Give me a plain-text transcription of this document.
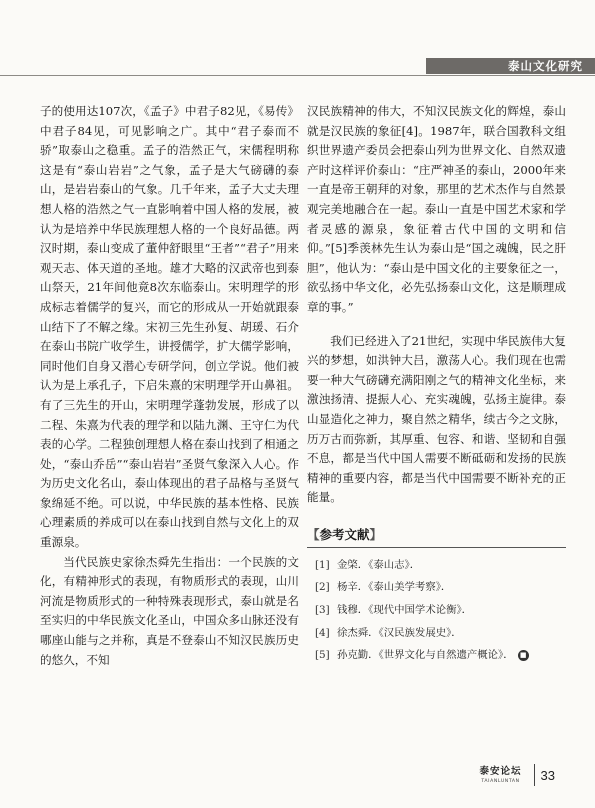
泰山文化研究

子的使用达107次，《孟子》中君子82见，《易传》中君子84见，可见影响之广。其中“君子泰而不骄”取泰山之稳重。孟子的浩然正气，宋儒程明称这是有“泰山岩岩”之气象，孟子是大气磅礴的泰山，是岩岩泰山的气象。几千年来，孟子大丈夫理想人格的浩然之气一直影响着中国人格的发展，被认为是培养中华民族理想人格的一个良好品德。两汉时期，泰山变成了董仲舒眼里“王者”“君子”用来观天志、体天道的圣地。雄才大略的汉武帝也到泰山祭天，21年间他竟8次东临泰山。宋明理学的形成标志着儒学的复兴，而它的形成从一开始就跟泰山结下了不解之缘。宋初三先生孙复、胡瑗、石介在泰山书院广收学生，讲授儒学，扩大儒学影响，同时他们自身又潜心专研学问，创立学说。他们被认为是上承孔子，下启朱熹的宋明理学开山鼻祖。有了三先生的开山，宋明理学蓬勃发展，形成了以二程、朱熹为代表的理学和以陆九渊、王守仁为代表的心学。二程独创理想人格在泰山找到了相通之处，“泰山乔岳”“泰山岩岩”圣贤气象深入人心。作为历史文化名山，泰山体现出的君子品格与圣贤气象绵延不绝。可以说，中华民族的基本性格、民族心理素质的养成可以在泰山找到自然与文化上的双重源泉。

当代民族史家徐杰舜先生指出：一个民族的文化，有精神形式的表现，有物质形式的表现，山川河流是物质形式的一种特殊表现形式，泰山就是名至实归的中华民族文化圣山，中国众多山脉还没有哪座山能与之并称，真是不登泰山不知汉民族历史的悠久，不知

汉民族精神的伟大，不知汉民族文化的辉煌，泰山就是汉民族的象征[4]。1987年，联合国教科文组织世界遗产委员会把泰山列为世界文化、自然双遗产时这样评价泰山：“庄严神圣的泰山，2000年来一直是帝王朝拜的对象，那里的艺术杰作与自然景观完美地融合在一起。泰山一直是中国艺术家和学者灵感的源泉，象征着古代中国的文明和信仰。”[5]季羡林先生认为泰山是“国之魂魄，民之肝胆”，他认为：“泰山是中国文化的主要象征之一，欲弘扬中华文化，必先弘扬泰山文化，这是顺理成章的事。”

我们已经进入了21世纪，实现中华民族伟大复兴的梦想，如洪钟大吕，激荡人心。我们现在也需要一种大气磅礴充满阳刚之气的精神文化坐标，来激浊扬清、提振人心、充实魂魄，弘扬主旋律。泰山显造化之神力，聚自然之精华，续古今之文脉，历万古而弥新，其厚重、包容、和谐、坚韧和自强不息，都是当代中国人需要不断砥砺和发扬的民族精神的重要内容，都是当代中国需要不断补充的正能量。

【参考文献】
[1] 金棨．《泰山志》．
[2] 杨辛．《泰山美学考察》．
[3] 钱穆．《现代中国学术论衡》．
[4] 徐杰舜．《汉民族发展史》．
[5] 孙克勤．《世界文化与自然遗产概论》． ■
泰安论坛
TAIANLUNTAN 33
